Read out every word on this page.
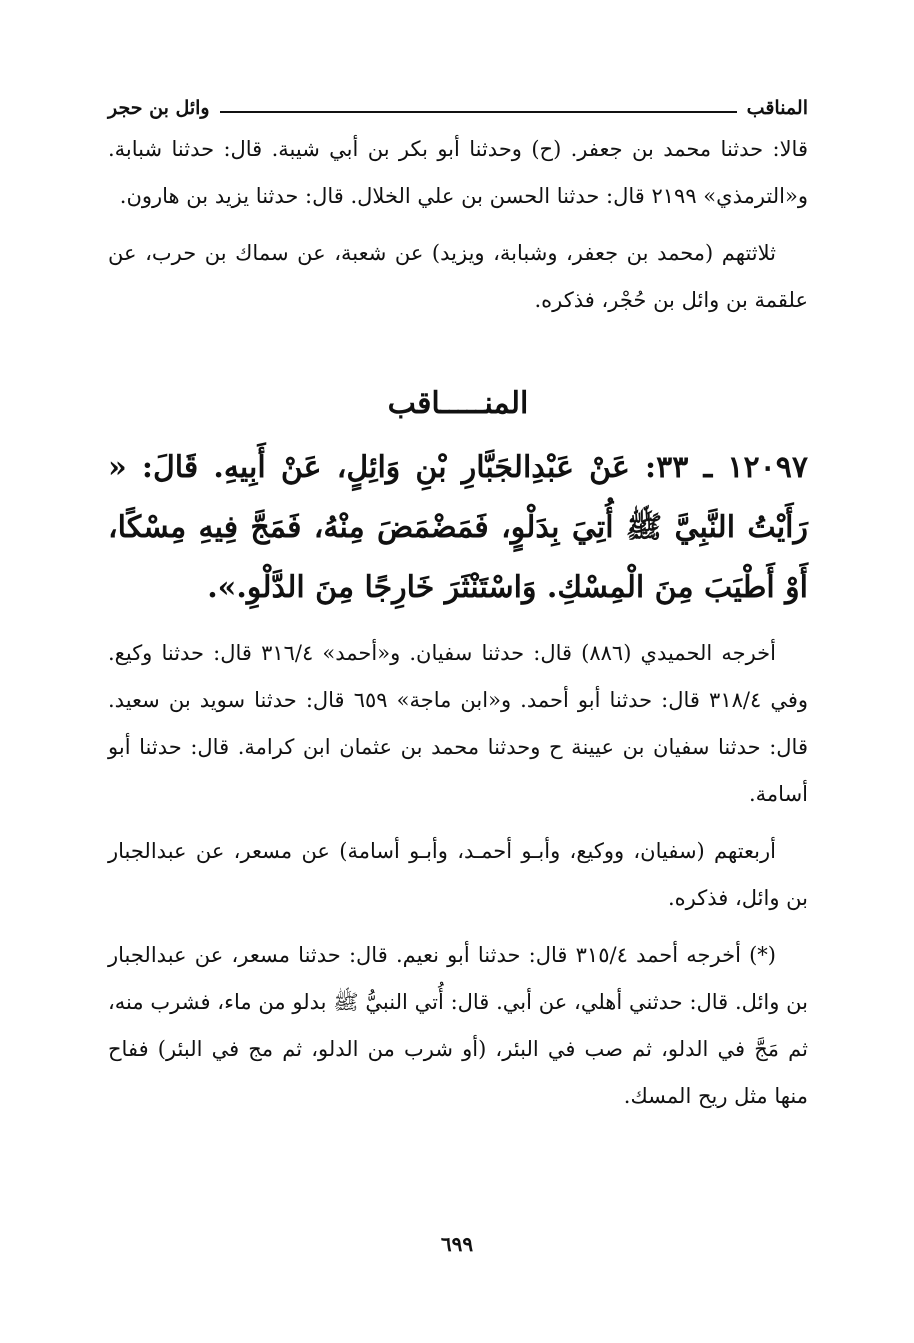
المناقب
وائل بن حجر

قالا: حدثنا محمد بن جعفر. (ح) وحدثنا أبو بكر بن أبي شيبة. قال: حدثنا شبابة. و«الترمذي» ٢١٩٩ قال: حدثنا الحسن بن علي الخلال. قال: حدثنا يزيد بن هارون.

ثلاثتهم (محمد بن جعفر، وشبابة، ويزيد) عن شعبة، عن سماك بن حرب، عن علقمة بن وائل بن حُجْر، فذكره.

المنـــــاقب

١٢٠٩٧ ـ ٣٣: عَنْ عَبْدِالجَبَّارِ بْنِ وَائِلٍ، عَنْ أَبِيهِ. قَالَ: « رَأَيْتُ النَّبِيَّ ﷺ أُتِيَ بِدَلْوٍ، فَمَضْمَضَ مِنْهُ، فَمَجَّ فِيهِ مِسْكًا، أَوْ أَطْيَبَ مِنَ الْمِسْكِ. وَاسْتَنْثَرَ خَارِجًا مِنَ الدَّلْوِ.».

أخرجه الحميدي (٨٨٦) قال: حدثنا سفيان. و«أحمد» ٣١٦/٤ قال: حدثنا وكيع. وفي ٣١٨/٤ قال: حدثنا أبو أحمد. و«ابن ماجة» ٦٥٩ قال: حدثنا سويد بن سعيد. قال: حدثنا سفيان بن عيينة ح وحدثنا محمد بن عثمان ابن كرامة. قال: حدثنا أبو أسامة.

أربعتهم (سفيان، ووكيع، وأبـو أحمـد، وأبـو أسامة) عن مسعر، عن عبدالجبار بن وائل، فذكره.

(*) أخرجه أحمد ٣١٥/٤ قال: حدثنا أبو نعيم. قال: حدثنا مسعر، عن عبدالجبار بن وائل. قال: حدثني أهلي، عن أبي. قال: أُتي النبيُّ ﷺ بدلو من ماء، فشرب منه، ثم مَجَّ في الدلو، ثم صب في البئر، (أو شرب من الدلو، ثم مج في البئر) ففاح منها مثل ريح المسك.

٦٩٩
